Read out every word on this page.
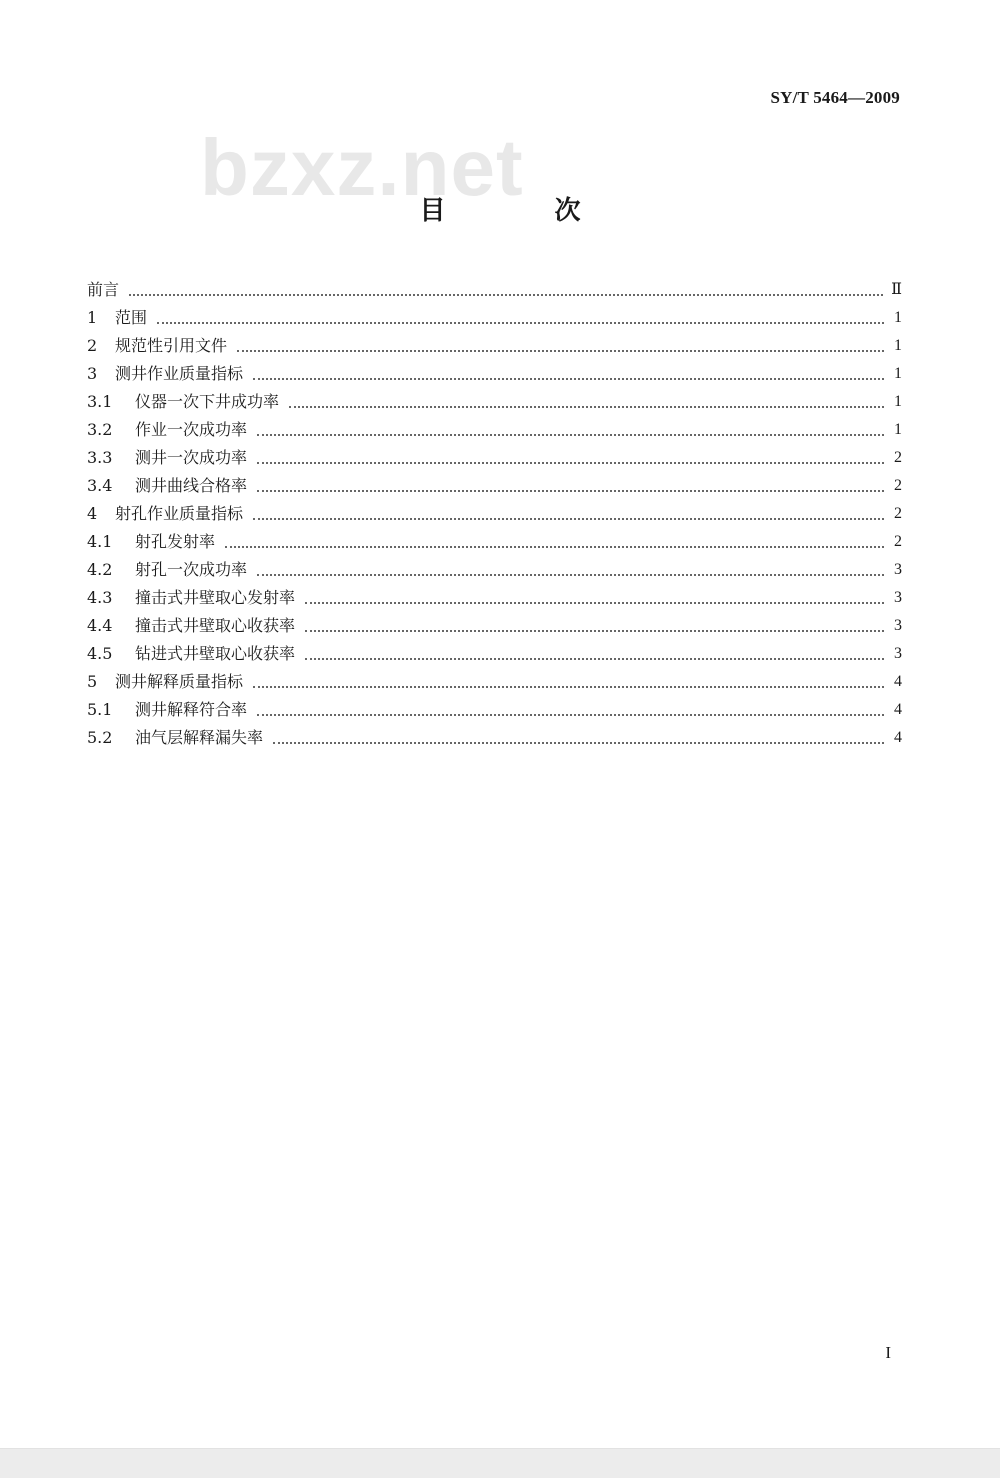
bzxz.net
SY/T 5464—2009
目 次
前言	Ⅱ
1	范围	1
2	规范性引用文件	1
3	测井作业质量指标	1
3.1	仪器一次下井成功率	1
3.2	作业一次成功率	1
3.3	测井一次成功率	2
3.4	测井曲线合格率	2
4	射孔作业质量指标	2
4.1	射孔发射率	2
4.2	射孔一次成功率	3
4.3	撞击式井壁取心发射率	3
4.4	撞击式井壁取心收获率	3
4.5	钻进式井壁取心收获率	3
5	测井解释质量指标	4
5.1	测井解释符合率	4
5.2	油气层解释漏失率	4
I
